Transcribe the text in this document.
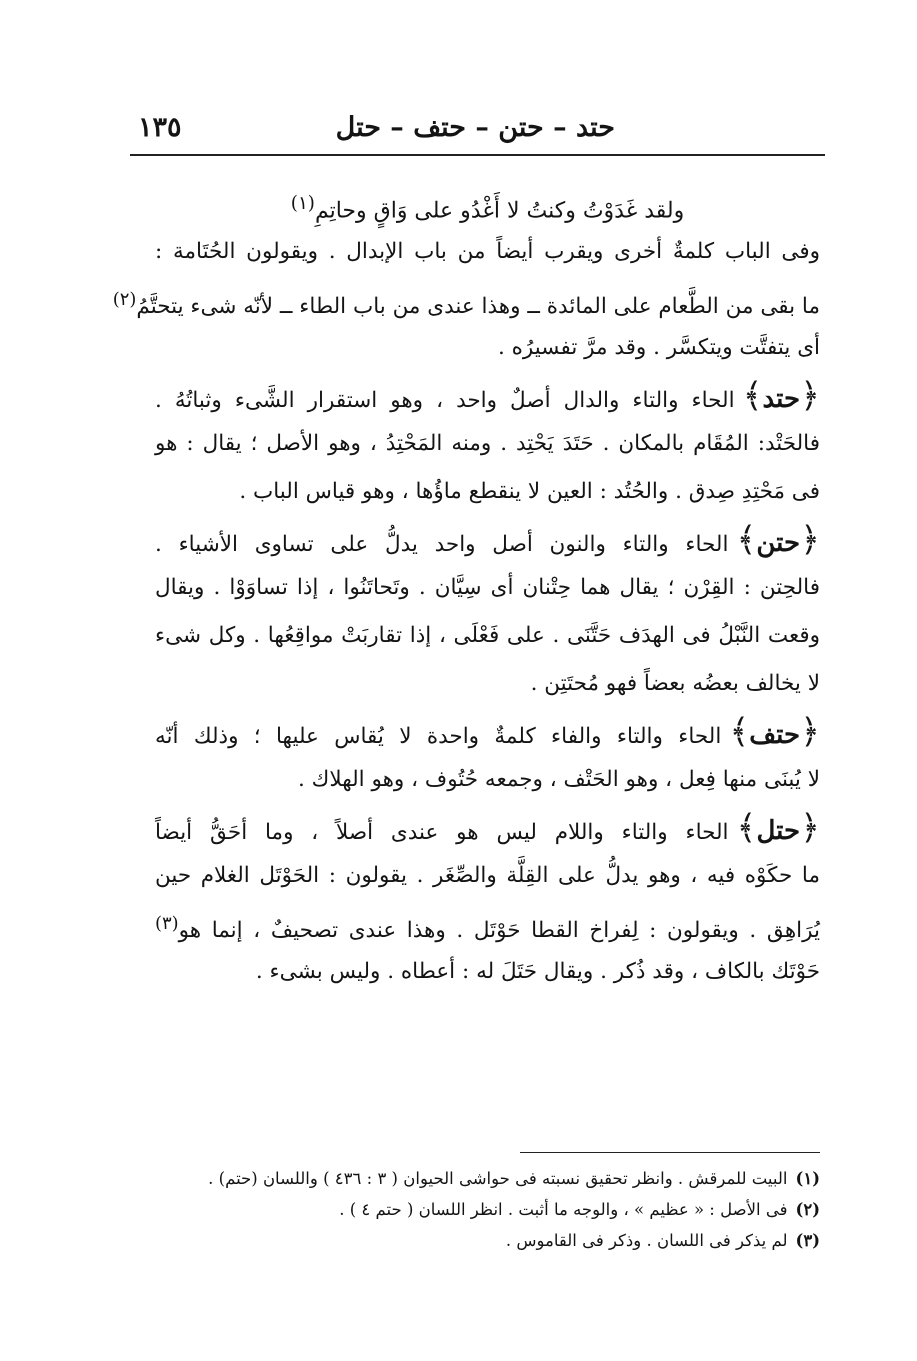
حتد – حتن – حتف – حتل
١٣٥
ولقد غَدَوْتُ وكنتُ لا أَغْدُو على وَاقٍ وحاتِمِ$^{(١)}$
وفى الباب كلمةٌ أخرى ويقرب أيضاً من باب الإبدال . ويقولون الحُتَامة :
ما بقى من الطَّعام على المائدة ــ وهذا عندى من باب الطاء ــ لأنّه شىء يتحتَّمُ$^{(٢)}$
أى يتفتَّت ويتكسَّر . وقد مرَّ تفسيرُه .
﴿حتد﴾الحاء والتاء والدال أصلٌ واحد ، وهو استقرار الشَّىء وثباتُهُ .
فالحَتْد: المُقَام بالمكان . حَتَدَ يَحْتِد . ومنه المَحْتِدُ ، وهو الأصل ؛ يقال : هو
فى مَحْتِدِ صِدق . والحُتُد : العين لا ينقطع ماؤُها ، وهو قياس الباب .
﴿حتن﴾الحاء والتاء والنون أصل واحد يدلُّ على تساوى الأشياء .
فالحِتن : القِرْن ؛ يقال هما حِتْنان أى سِيَّان . وتَحاتَنُوا ، إذا تساوَوْا . ويقال
وقعت النَّبْلُ فى الهدَف حَتَّنَى . على فَعْلَى ، إذا تقاربَتْ مواقِعُها . وكل شىء
لا يخالف بعضُه بعضاً فهو مُحتَتِن .
﴿حتف﴾الحاء والتاء والفاء كلمةٌ واحدة لا يُقاس عليها ؛ وذلك أنّه
لا يُبنَى منها فِعل ، وهو الحَتْف ، وجمعه حُتُوف ، وهو الهلاك .
﴿حتل﴾الحاء والتاء واللام ليس هو عندى أصلاً ، وما أحَقُّ أيضاً
ما حكَوْه فيه ، وهو يدلُّ على القِلَّة والصِّغَر . يقولون : الحَوْتَل الغلام حين
يُرَاهِق . ويقولون : لِفراخ القطا حَوْتَل . وهذا عندى تصحيفٌ ، إنما هو$^{(٣)}$
حَوْتَك بالكاف ، وقد ذُكر . ويقال حَتَلَ له : أعطاه . وليس بشىء .
(١)البيت للمرقش . وانظر تحقيق نسبته فى حواشى الحيوان ( ٣ : ٤٣٦ ) واللسان (حتم) .
(٢)فى الأصل : « عظيم » ، والوجه ما أثبت . انظر اللسان ( حتم ٤ ) .
(٣)لم يذكر فى اللسان . وذكر فى القاموس .
